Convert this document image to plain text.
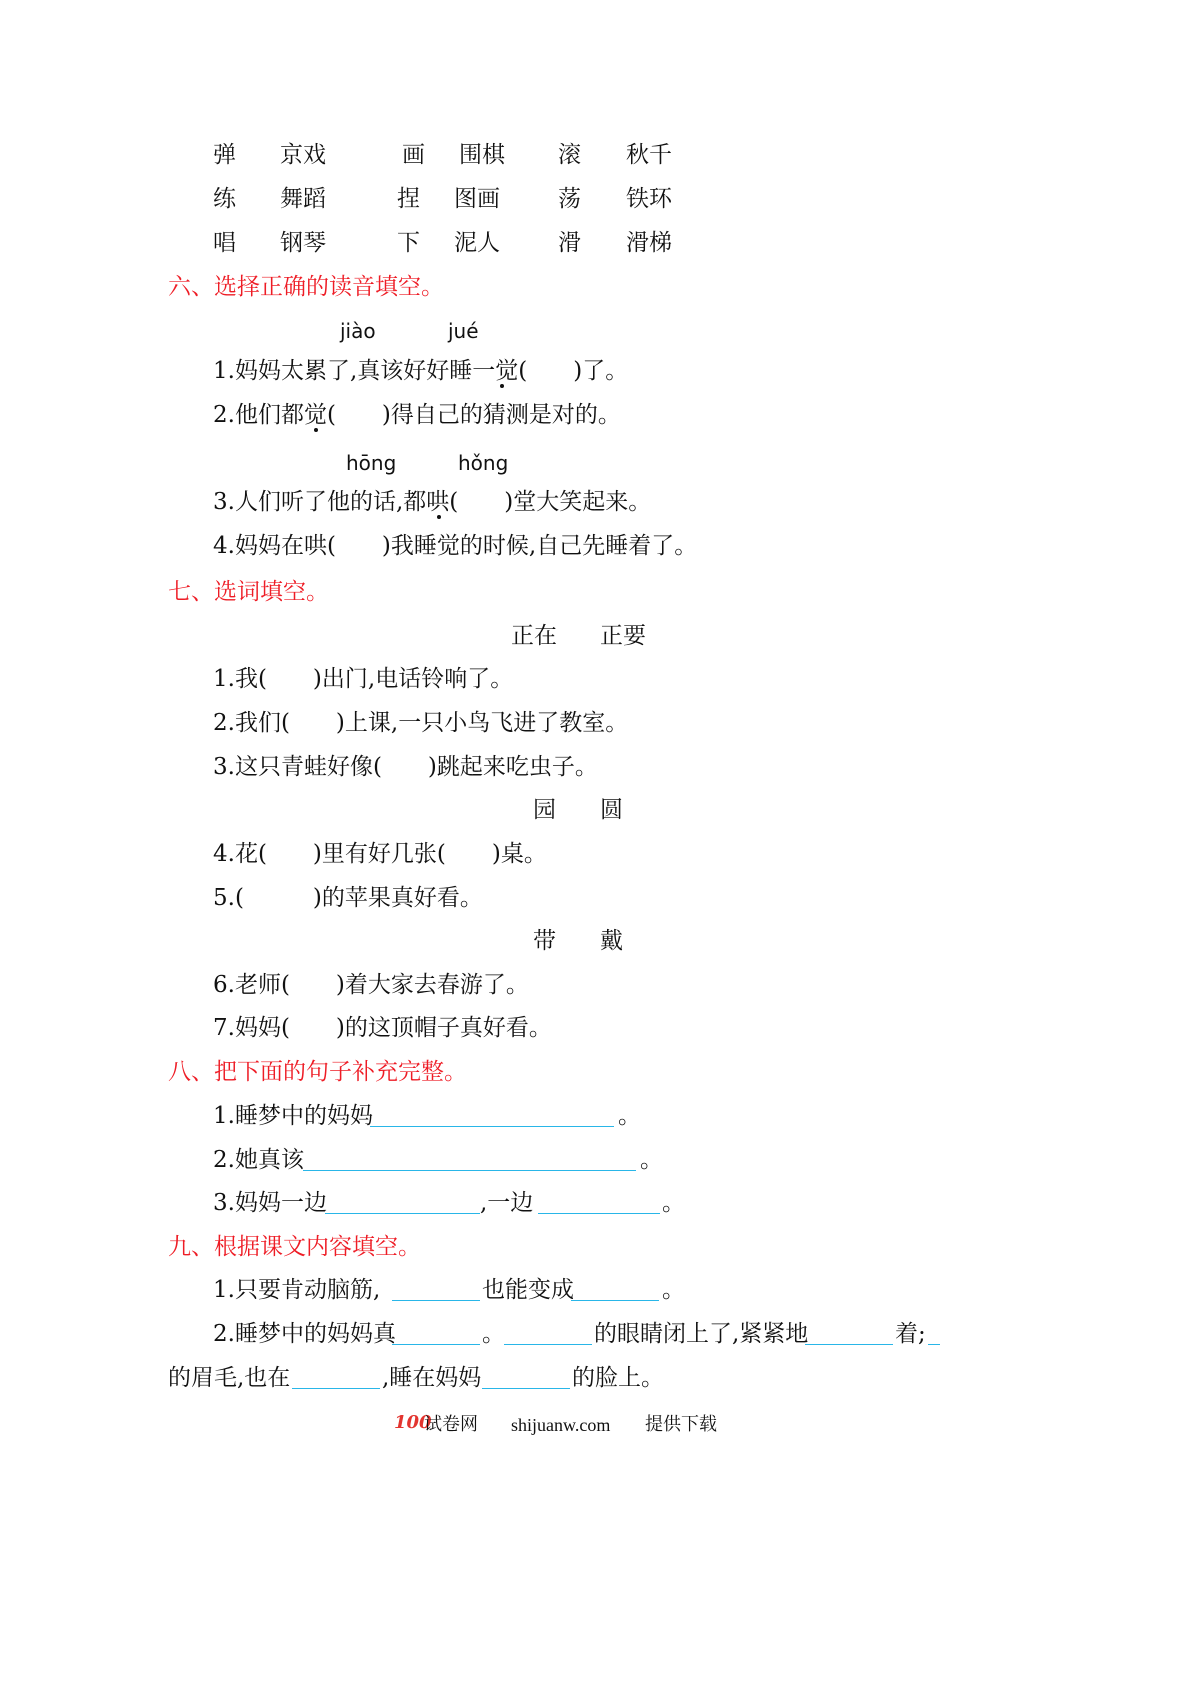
弹 京戏	画 围棋 滚 秋千
练 舞蹈	捏 图画	荡 铁环
唱 钢琴	下 泥人	滑 滑梯
六、选择正确的读音填空。
jiào	jué
1.妈妈太累了,真该好好睡一觉(　　)了。
2.他们都觉(　　)得自己的猜测是对的。
hōng	hǒng
3.人们听了他的话,都哄(　　)堂大笑起来。
4.妈妈在哄(　　)我睡觉的时候,自己先睡着了。
七、选词填空。
正在 正要
1.我(　　)出门,电话铃响了。
2.我们(　　)上课,一只小鸟飞进了教室。
3.这只青蛙好像(　　)跳起来吃虫子。
园 圆
4.花(　　)里有好几张(　　)桌。
5.(　　　)的苹果真好看。
带 戴
6.老师(　　)着大家去春游了。
7.妈妈(　　)的这顶帽子真好看。
八、把下面的句子补充完整。
1.睡梦中的妈妈	。
2.她真该	。
3.妈妈一边	,一边	。
九、根据课文内容填空。
1.只要肯动脑筋,	也能变成	。
2.睡梦中的妈妈真	。	的眼睛闭上了,紧紧地	着;
的眉毛,也在	,睡在妈妈	的脸上。
100
试卷网 shijuanw.com 提供下载
